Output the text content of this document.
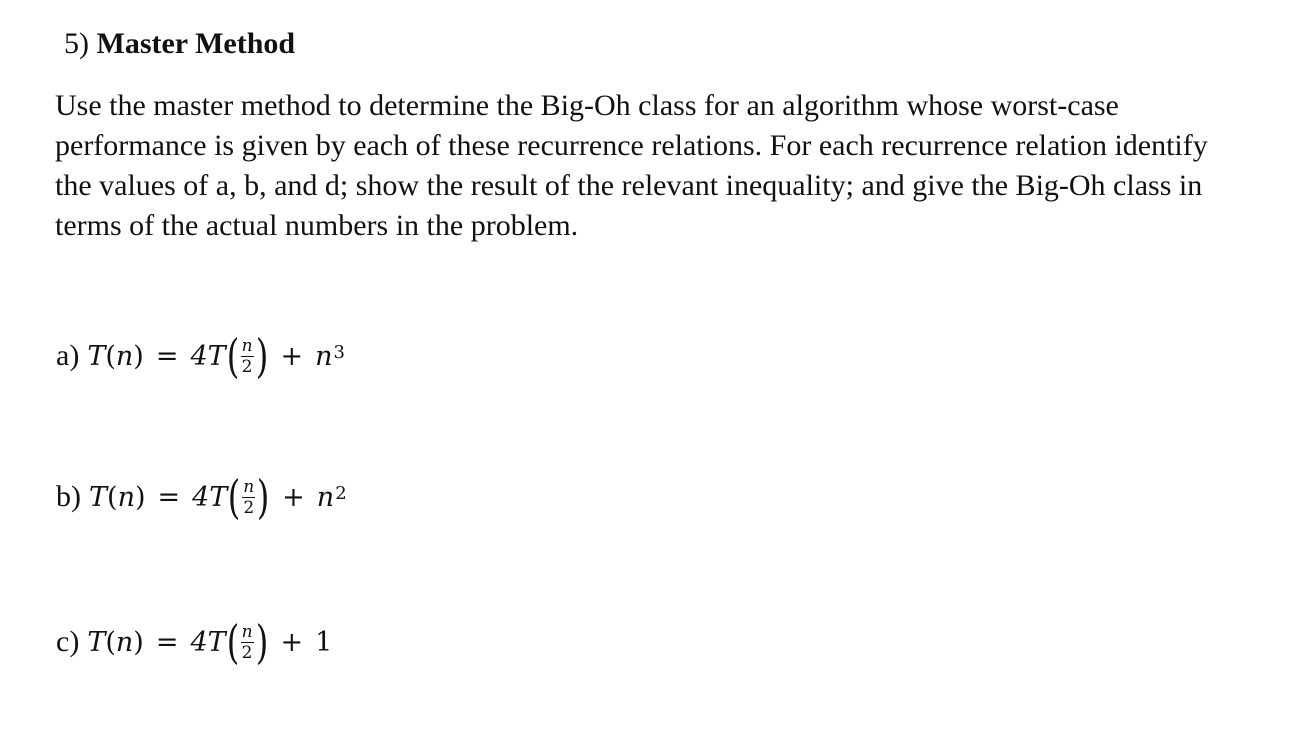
5) Master Method
Use the master method to determine the Big-Oh class for an algorithm whose worst-case
performance is given by each of these recurrence relations. For each recurrence relation identify
the values of a, b, and d; show the result of the relevant inequality; and give the Big-Oh class in
terms of the actual numbers in the problem.
a) T ( n ) = 4T ( $\frac{n}{2}$ ) + $n^3$
b) T ( n ) = 4T ( $\frac{n}{2}$ ) + $n^2$
c) T ( n ) = 4T ( $\frac{n}{2}$ ) + 1
